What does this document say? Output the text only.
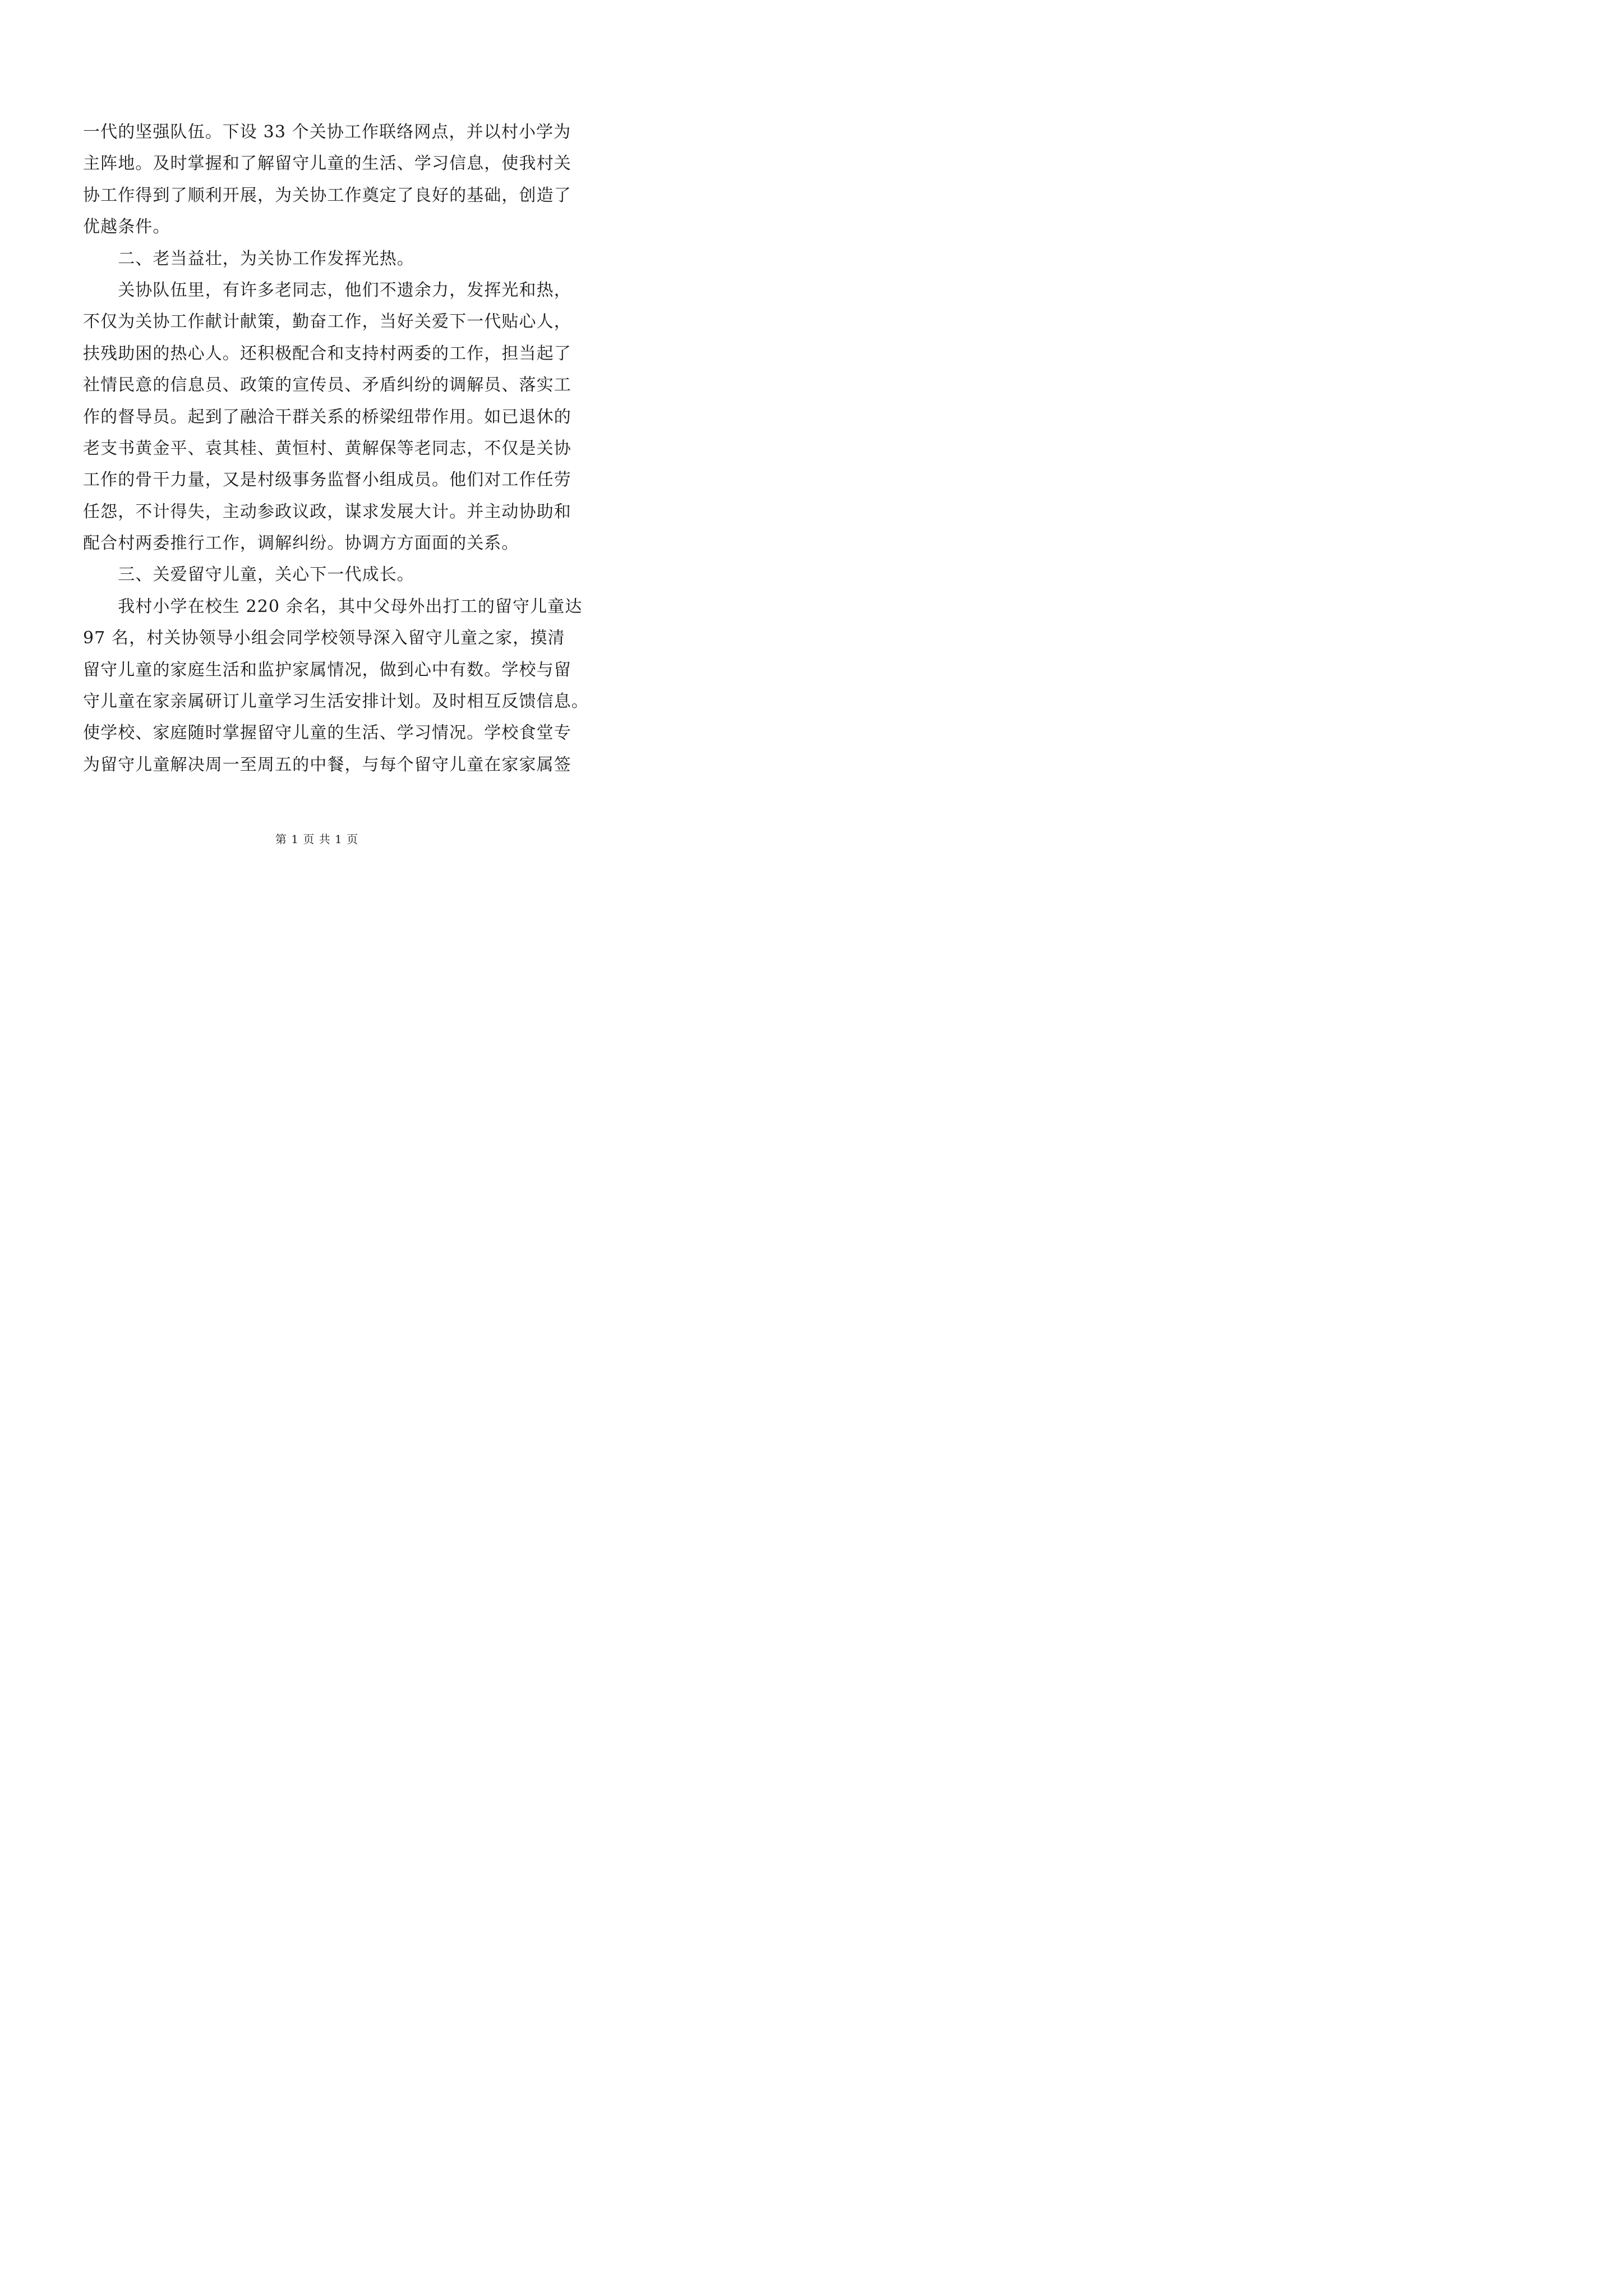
一代的坚强队伍。下设 33 个关协工作联络网点，并以村小学为
主阵地。及时掌握和了解留守儿童的生活、学习信息，使我村关
协工作得到了顺利开展，为关协工作奠定了良好的基础，创造了
优越条件。
　　二、老当益壮，为关协工作发挥光热。
　　关协队伍里，有许多老同志，他们不遗余力，发挥光和热，
不仅为关协工作献计献策，勤奋工作，当好关爱下一代贴心人，
扶残助困的热心人。还积极配合和支持村两委的工作，担当起了
社情民意的信息员、政策的宣传员、矛盾纠纷的调解员、落实工
作的督导员。起到了融洽干群关系的桥梁纽带作用。如已退休的
老支书黄金平、袁其桂、黄恒村、黄解保等老同志，不仅是关协
工作的骨干力量，又是村级事务监督小组成员。他们对工作任劳
任怨，不计得失，主动参政议政，谋求发展大计。并主动协助和
配合村两委推行工作，调解纠纷。协调方方面面的关系。
　　三、关爱留守儿童，关心下一代成长。
　　我村小学在校生 220 余名，其中父母外出打工的留守儿童达
97 名，村关协领导小组会同学校领导深入留守儿童之家，摸清
留守儿童的家庭生活和监护家属情况，做到心中有数。学校与留
守儿童在家亲属研订儿童学习生活安排计划。及时相互反馈信息。
使学校、家庭随时掌握留守儿童的生活、学习情况。学校食堂专
为留守儿童解决周一至周五的中餐，与每个留守儿童在家家属签
第 1 页 共 1 页
